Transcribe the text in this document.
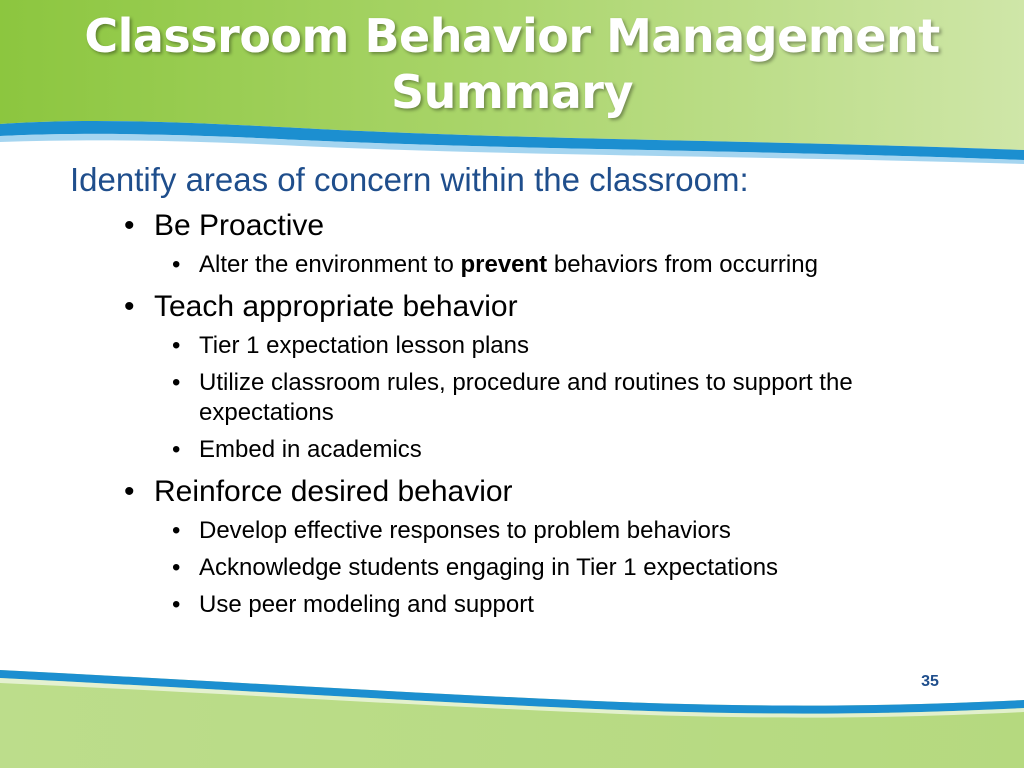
Classroom Behavior Management Summary

Identify areas of concern within the classroom:

• Be Proactive
• Alter the environment to prevent behaviors from occurring
• Teach appropriate behavior
• Tier 1 expectation lesson plans
• Utilize classroom rules, procedure and routines to support the expectations
• Embed in academics
• Reinforce desired behavior
• Develop effective responses to problem behaviors
• Acknowledge students engaging in Tier 1 expectations
• Use peer modeling and support
35
